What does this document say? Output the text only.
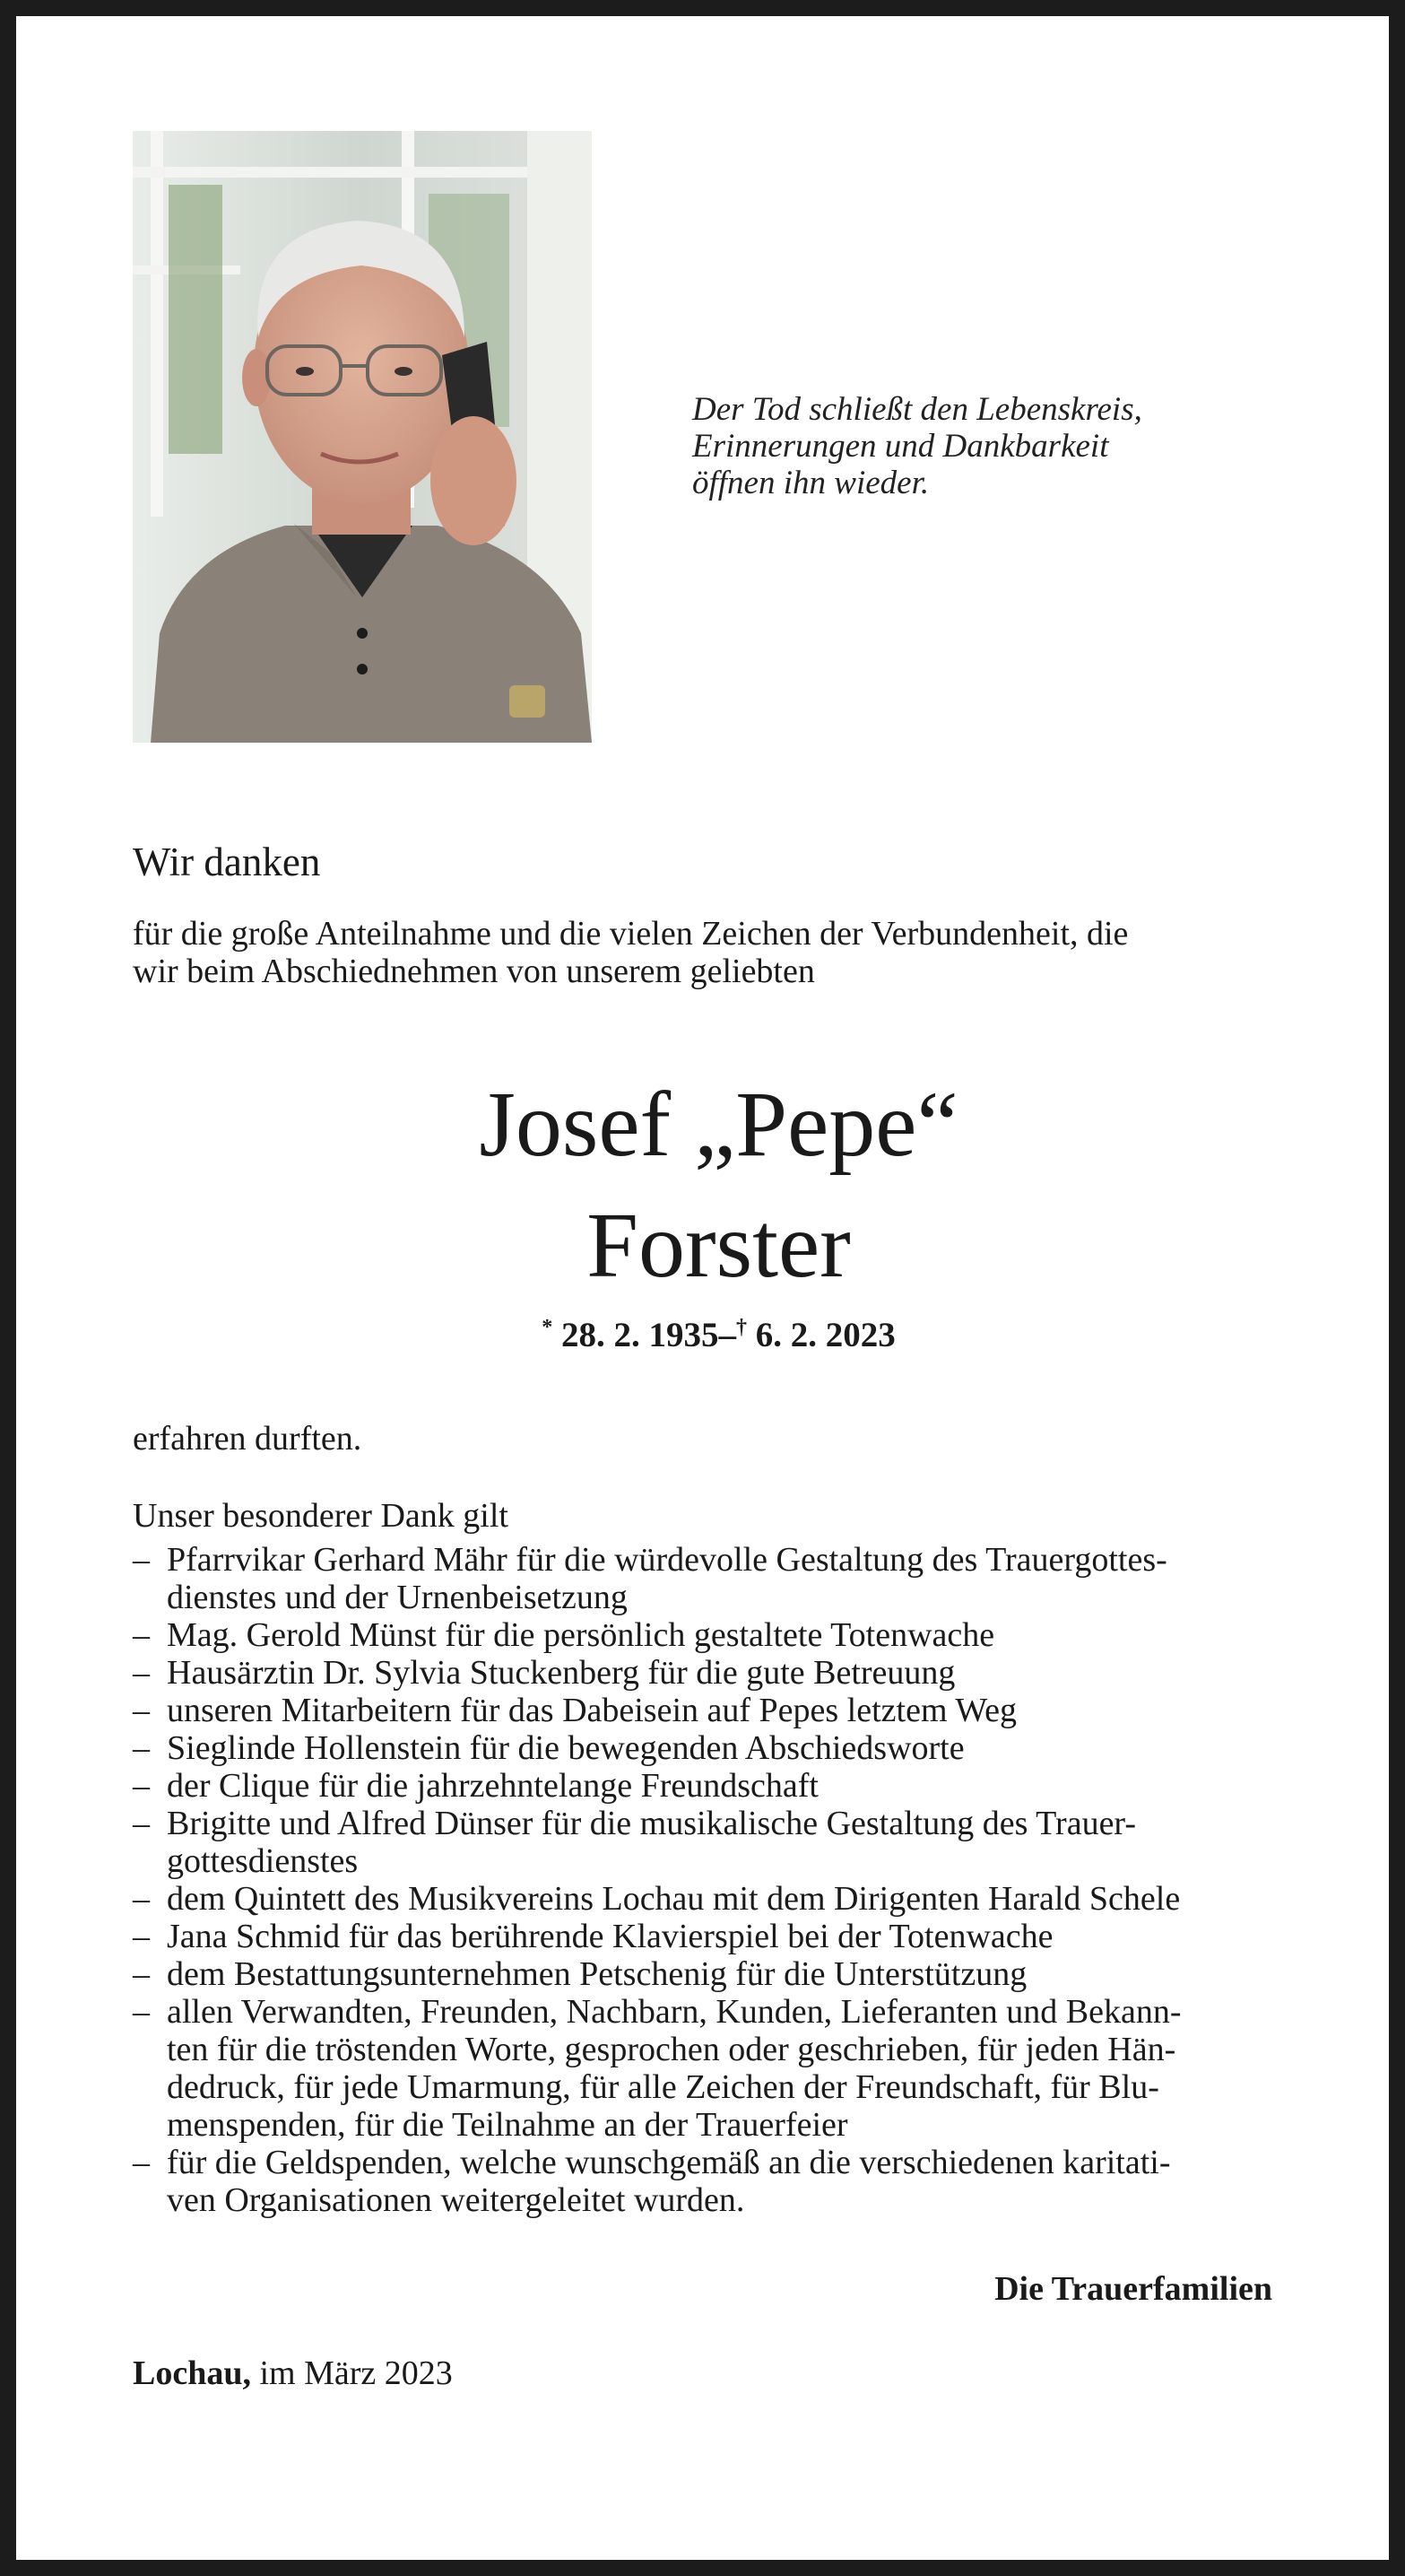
Der Tod schließt den Lebenskreis,
Erinnerungen und Dankbarkeit
öffnen ihn wieder.
Wir danken
für die große Anteilnahme und die vielen Zeichen der Verbundenheit, die
wir beim Abschiednehmen von unserem geliebten
Josef „Pepe“
Forster
* 28. 2. 1935–† 6. 2. 2023
erfahren durften.
Unser besonderer Dank gilt
– Pfarrvikar Gerhard Mähr für die würdevolle Gestaltung des Trauergottes-
dienstes und der Urnenbeisetzung
– Mag. Gerold Münst für die persönlich gestaltete Totenwache
– Hausärztin Dr. Sylvia Stuckenberg für die gute Betreuung
– unseren Mitarbeitern für das Dabeisein auf Pepes letztem Weg
– Sieglinde Hollenstein für die bewegenden Abschiedsworte
– der Clique für die jahrzehntelange Freundschaft
– Brigitte und Alfred Dünser für die musikalische Gestaltung des Trauer-
gottesdienstes
– dem Quintett des Musikvereins Lochau mit dem Dirigenten Harald Schele
– Jana Schmid für das berührende Klavierspiel bei der Totenwache
– dem Bestattungsunternehmen Petschenig für die Unterstützung
– allen Verwandten, Freunden, Nachbarn, Kunden, Lieferanten und Bekann-
ten für die tröstenden Worte, gesprochen oder geschrieben, für jeden Hän-
dedruck, für jede Umarmung, für alle Zeichen der Freundschaft, für Blu-
menspenden, für die Teilnahme an der Trauerfeier
– für die Geldspenden, welche wunschgemäß an die verschiedenen karitati-
ven Organisationen weitergeleitet wurden.
Die Trauerfamilien
Lochau, im März 2023
